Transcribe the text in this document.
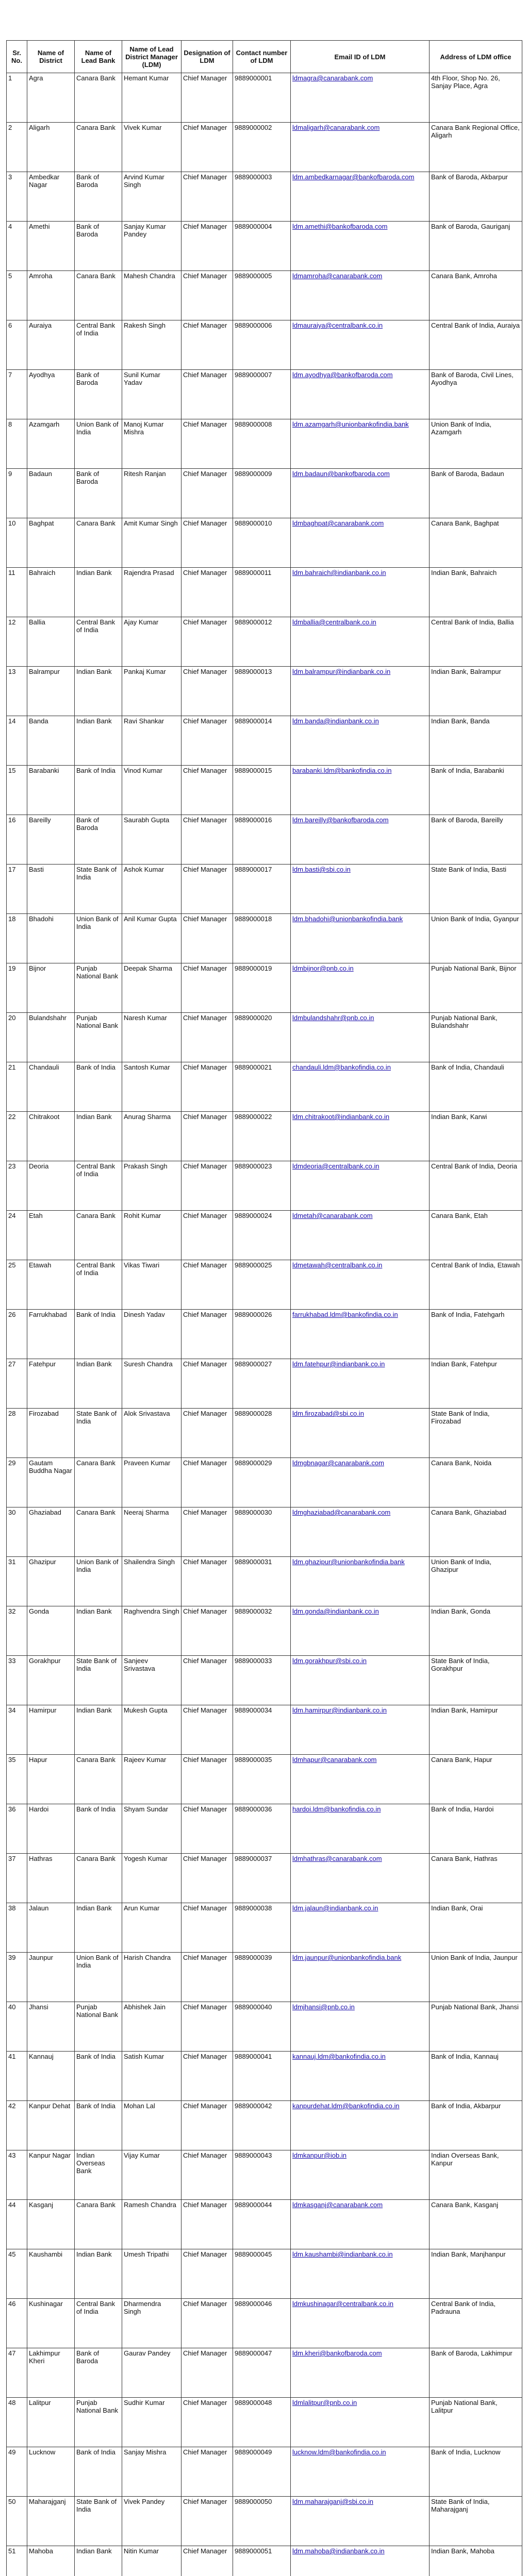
Sr. No.	Name of District	Name of Lead Bank	Name of Lead District Manager (LDM)	Designation of LDM	Contact number of LDM	Email ID of LDM	Address of LDM office
1	Agra	Canara Bank	Hemant Kumar	Chief Manager	9889000001	ldmagra@canarabank.com	4th Floor, Shop No. 26, Sanjay Place, Agra
2	Aligarh	Canara Bank	Vivek Kumar	Chief Manager	9889000002	ldmaligarh@canarabank.com	Canara Bank Regional Office, Aligarh
3	Ambedkar Nagar	Bank of Baroda	Arvind Kumar Singh	Chief Manager	9889000003	ldm.ambedkarnagar@bankofbaroda.com	Bank of Baroda, Akbarpur
4	Amethi	Bank of Baroda	Sanjay Kumar Pandey	Chief Manager	9889000004	ldm.amethi@bankofbaroda.com	Bank of Baroda, Gauriganj
5	Amroha	Canara Bank	Mahesh Chandra	Chief Manager	9889000005	ldmamroha@canarabank.com	Canara Bank, Amroha
6	Auraiya	Central Bank of India	Rakesh Singh	Chief Manager	9889000006	ldmauraiya@centralbank.co.in	Central Bank of India, Auraiya
7	Ayodhya	Bank of Baroda	Sunil Kumar Yadav	Chief Manager	9889000007	ldm.ayodhya@bankofbaroda.com	Bank of Baroda, Civil Lines, Ayodhya
8	Azamgarh	Union Bank of India	Manoj Kumar Mishra	Chief Manager	9889000008	ldm.azamgarh@unionbankofindia.bank	Union Bank of India, Azamgarh
9	Badaun	Bank of Baroda	Ritesh Ranjan	Chief Manager	9889000009	ldm.badaun@bankofbaroda.com	Bank of Baroda, Badaun
10	Baghpat	Canara Bank	Amit Kumar Singh	Chief Manager	9889000010	ldmbaghpat@canarabank.com	Canara Bank, Baghpat
11	Bahraich	Indian Bank	Rajendra Prasad	Chief Manager	9889000011	ldm.bahraich@indianbank.co.in	Indian Bank, Bahraich
12	Ballia	Central Bank of India	Ajay Kumar	Chief Manager	9889000012	ldmballia@centralbank.co.in	Central Bank of India, Ballia
13	Balrampur	Indian Bank	Pankaj Kumar	Chief Manager	9889000013	ldm.balrampur@indianbank.co.in	Indian Bank, Balrampur
14	Banda	Indian Bank	Ravi Shankar	Chief Manager	9889000014	ldm.banda@indianbank.co.in	Indian Bank, Banda
15	Barabanki	Bank of India	Vinod Kumar	Chief Manager	9889000015	barabanki.ldm@bankofindia.co.in	Bank of India, Barabanki
16	Bareilly	Bank of Baroda	Saurabh Gupta	Chief Manager	9889000016	ldm.bareilly@bankofbaroda.com	Bank of Baroda, Bareilly
17	Basti	State Bank of India	Ashok Kumar	Chief Manager	9889000017	ldm.basti@sbi.co.in	State Bank of India, Basti
18	Bhadohi	Union Bank of India	Anil Kumar Gupta	Chief Manager	9889000018	ldm.bhadohi@unionbankofindia.bank	Union Bank of India, Gyanpur
19	Bijnor	Punjab National Bank	Deepak Sharma	Chief Manager	9889000019	ldmbijnor@pnb.co.in	Punjab National Bank, Bijnor
20	Bulandshahr	Punjab National Bank	Naresh Kumar	Chief Manager	9889000020	ldmbulandshahr@pnb.co.in	Punjab National Bank, Bulandshahr
21	Chandauli	Bank of India	Santosh Kumar	Chief Manager	9889000021	chandauli.ldm@bankofindia.co.in	Bank of India, Chandauli
22	Chitrakoot	Indian Bank	Anurag Sharma	Chief Manager	9889000022	ldm.chitrakoot@indianbank.co.in	Indian Bank, Karwi
23	Deoria	Central Bank of India	Prakash Singh	Chief Manager	9889000023	ldmdeoria@centralbank.co.in	Central Bank of India, Deoria
24	Etah	Canara Bank	Rohit Kumar	Chief Manager	9889000024	ldmetah@canarabank.com	Canara Bank, Etah
25	Etawah	Central Bank of India	Vikas Tiwari	Chief Manager	9889000025	ldmetawah@centralbank.co.in	Central Bank of India, Etawah
26	Farrukhabad	Bank of India	Dinesh Yadav	Chief Manager	9889000026	farrukhabad.ldm@bankofindia.co.in	Bank of India, Fatehgarh
27	Fatehpur	Indian Bank	Suresh Chandra	Chief Manager	9889000027	ldm.fatehpur@indianbank.co.in	Indian Bank, Fatehpur
28	Firozabad	State Bank of India	Alok Srivastava	Chief Manager	9889000028	ldm.firozabad@sbi.co.in	State Bank of India, Firozabad
29	Gautam Buddha Nagar	Canara Bank	Praveen Kumar	Chief Manager	9889000029	ldmgbnagar@canarabank.com	Canara Bank, Noida
30	Ghaziabad	Canara Bank	Neeraj Sharma	Chief Manager	9889000030	ldmghaziabad@canarabank.com	Canara Bank, Ghaziabad
31	Ghazipur	Union Bank of India	Shailendra Singh	Chief Manager	9889000031	ldm.ghazipur@unionbankofindia.bank	Union Bank of India, Ghazipur
32	Gonda	Indian Bank	Raghvendra Singh	Chief Manager	9889000032	ldm.gonda@indianbank.co.in	Indian Bank, Gonda
33	Gorakhpur	State Bank of India	Sanjeev Srivastava	Chief Manager	9889000033	ldm.gorakhpur@sbi.co.in	State Bank of India, Gorakhpur
34	Hamirpur	Indian Bank	Mukesh Gupta	Chief Manager	9889000034	ldm.hamirpur@indianbank.co.in	Indian Bank, Hamirpur
35	Hapur	Canara Bank	Rajeev Kumar	Chief Manager	9889000035	ldmhapur@canarabank.com	Canara Bank, Hapur
36	Hardoi	Bank of India	Shyam Sundar	Chief Manager	9889000036	hardoi.ldm@bankofindia.co.in	Bank of India, Hardoi
37	Hathras	Canara Bank	Yogesh Kumar	Chief Manager	9889000037	ldmhathras@canarabank.com	Canara Bank, Hathras
38	Jalaun	Indian Bank	Arun Kumar	Chief Manager	9889000038	ldm.jalaun@indianbank.co.in	Indian Bank, Orai
39	Jaunpur	Union Bank of India	Harish Chandra	Chief Manager	9889000039	ldm.jaunpur@unionbankofindia.bank	Union Bank of India, Jaunpur
40	Jhansi	Punjab National Bank	Abhishek Jain	Chief Manager	9889000040	ldmjhansi@pnb.co.in	Punjab National Bank, Jhansi
41	Kannauj	Bank of India	Satish Kumar	Chief Manager	9889000041	kannauj.ldm@bankofindia.co.in	Bank of India, Kannauj
42	Kanpur Dehat	Bank of India	Mohan Lal	Chief Manager	9889000042	kanpurdehat.ldm@bankofindia.co.in	Bank of India, Akbarpur
43	Kanpur Nagar	Indian Overseas Bank	Vijay Kumar	Chief Manager	9889000043	ldmkanpur@iob.in	Indian Overseas Bank, Kanpur
44	Kasganj	Canara Bank	Ramesh Chandra	Chief Manager	9889000044	ldmkasganj@canarabank.com	Canara Bank, Kasganj
45	Kaushambi	Indian Bank	Umesh Tripathi	Chief Manager	9889000045	ldm.kaushambi@indianbank.co.in	Indian Bank, Manjhanpur
46	Kushinagar	Central Bank of India	Dharmendra Singh	Chief Manager	9889000046	ldmkushinagar@centralbank.co.in	Central Bank of India, Padrauna
47	Lakhimpur Kheri	Bank of Baroda	Gaurav Pandey	Chief Manager	9889000047	ldm.kheri@bankofbaroda.com	Bank of Baroda, Lakhimpur
48	Lalitpur	Punjab National Bank	Sudhir Kumar	Chief Manager	9889000048	ldmlalitpur@pnb.co.in	Punjab National Bank, Lalitpur
49	Lucknow	Bank of India	Sanjay Mishra	Chief Manager	9889000049	lucknow.ldm@bankofindia.co.in	Bank of India, Lucknow
50	Maharajganj	State Bank of India	Vivek Pandey	Chief Manager	9889000050	ldm.maharajganj@sbi.co.in	State Bank of India, Maharajganj
51	Mahoba	Indian Bank	Nitin Kumar	Chief Manager	9889000051	ldm.mahoba@indianbank.co.in	Indian Bank, Mahoba
